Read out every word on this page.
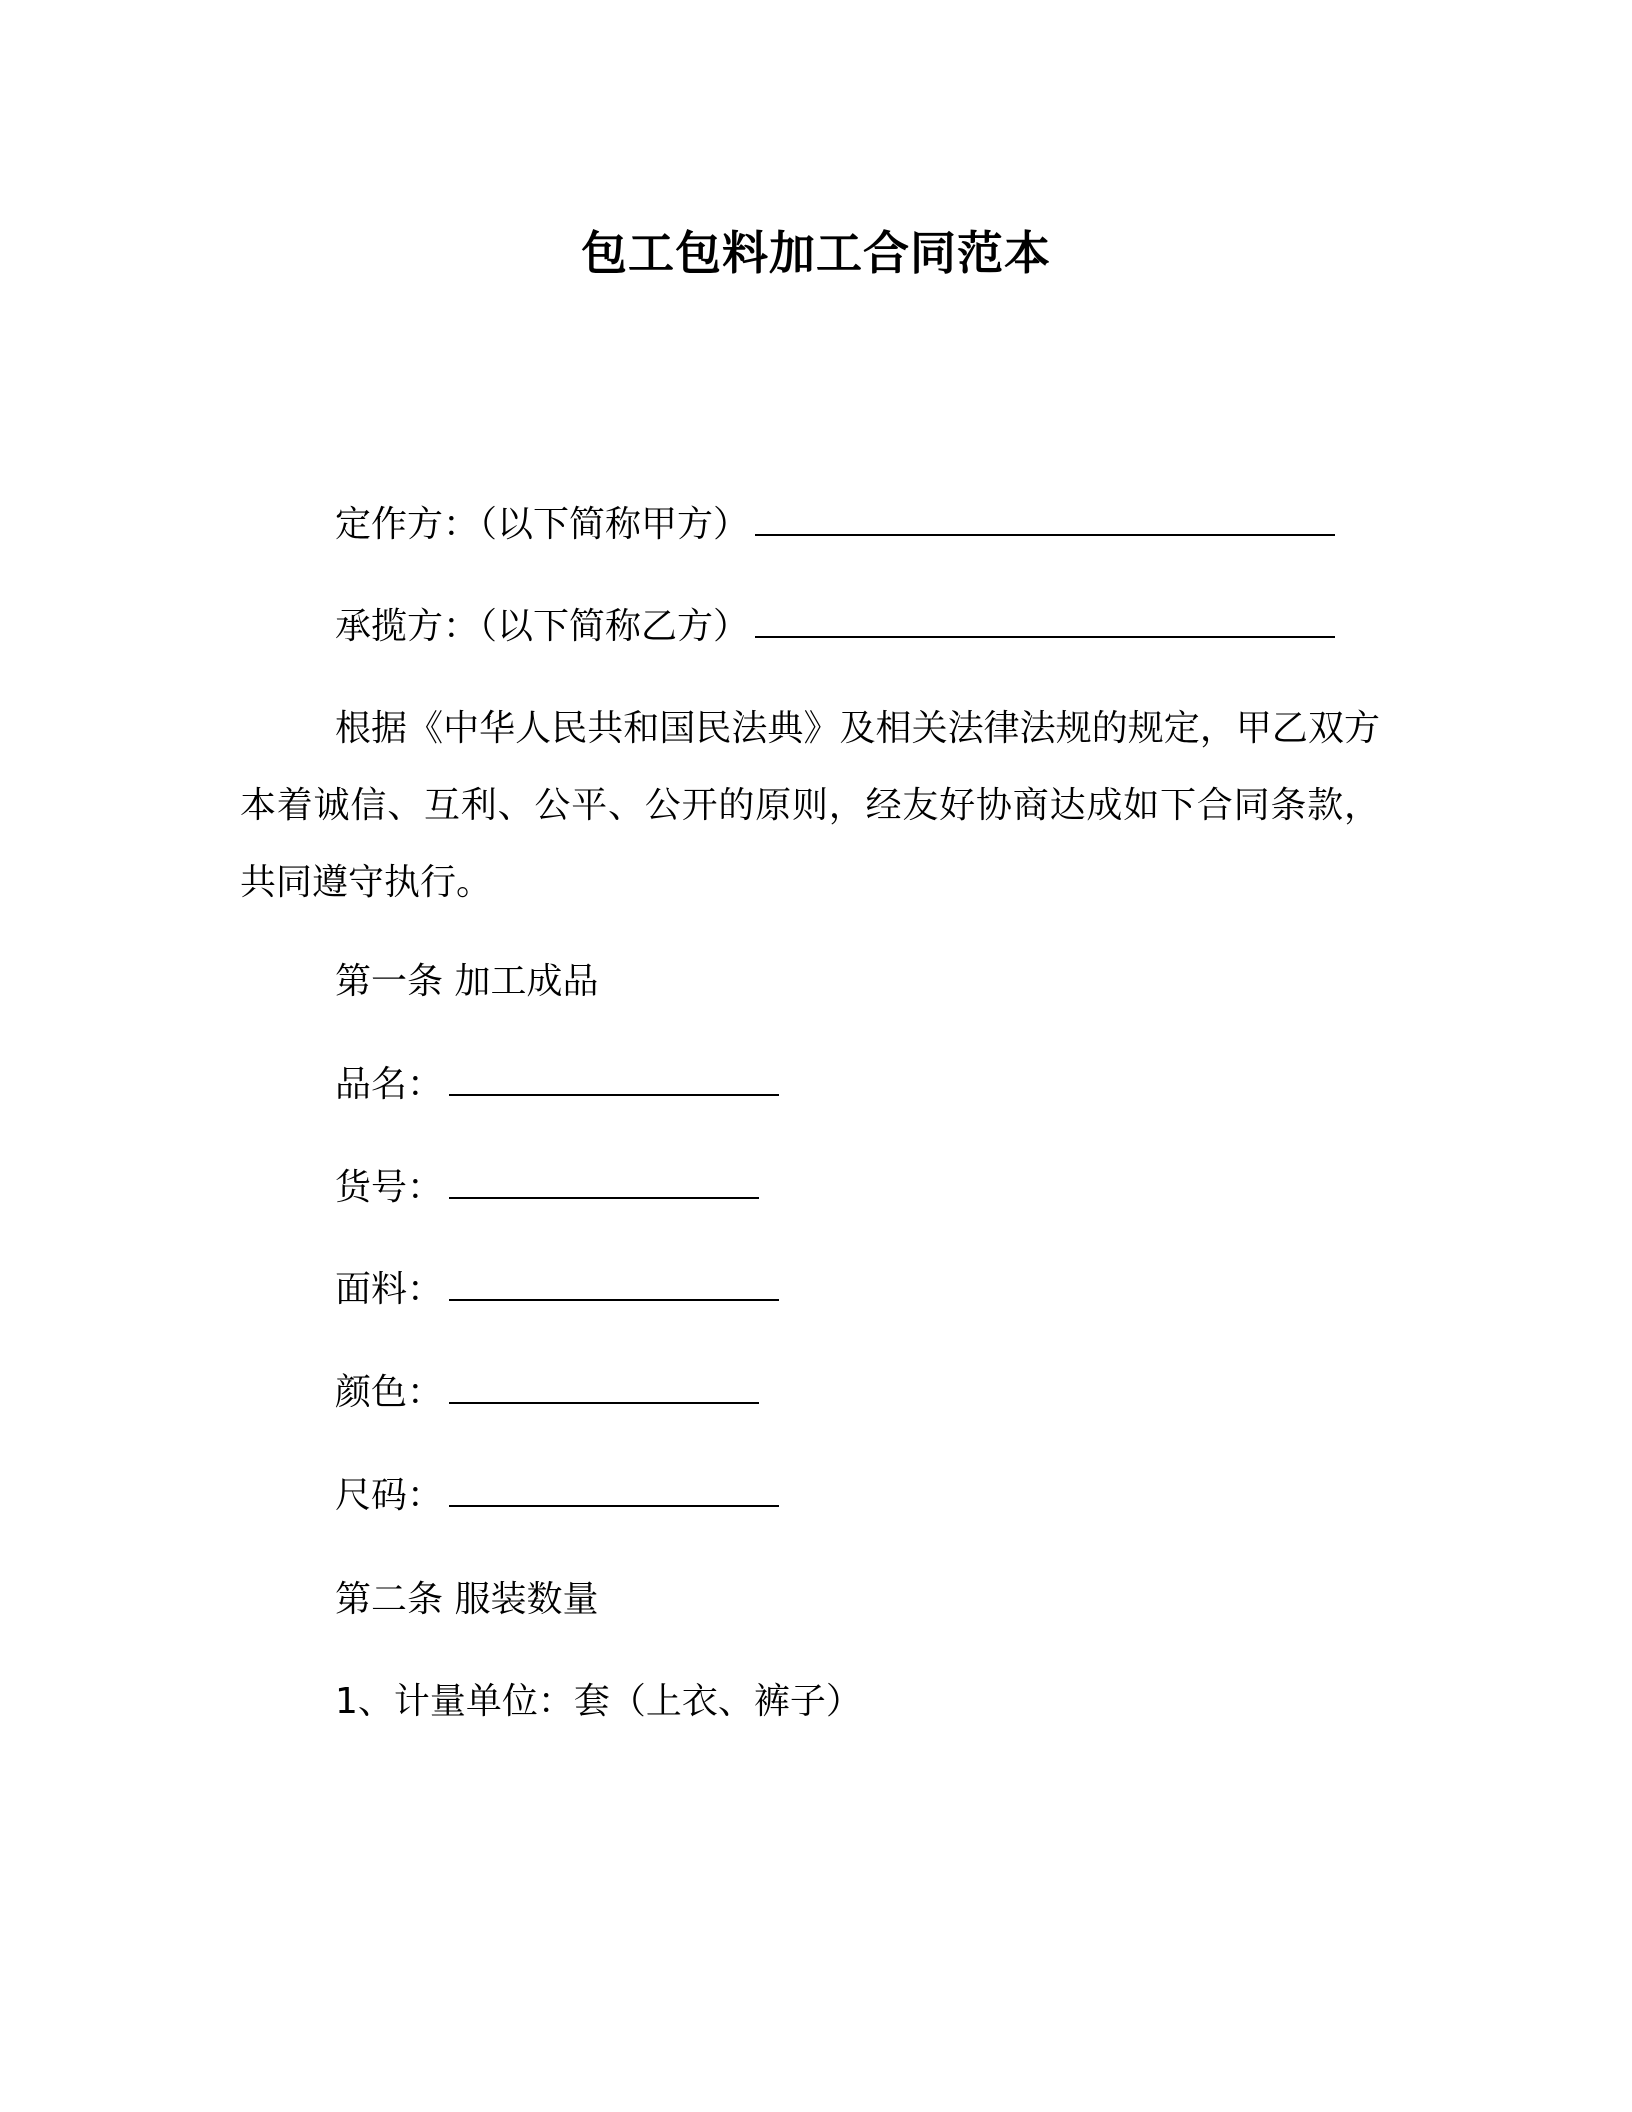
包工包料加工合同范本

定作方：（以下简称甲方）

承揽方：（以下简称乙方）

根据《中华人民共和国民法典》及相关法律法规的规定，甲乙双方本着诚信、互利、公平、公开的原则，经友好协商达成如下合同条款，共同遵守执行。

第一条 加工成品

品名：

货号：

面料：

颜色：

尺码：

第二条 服装数量

1、计量单位：套（上衣、裤子）
